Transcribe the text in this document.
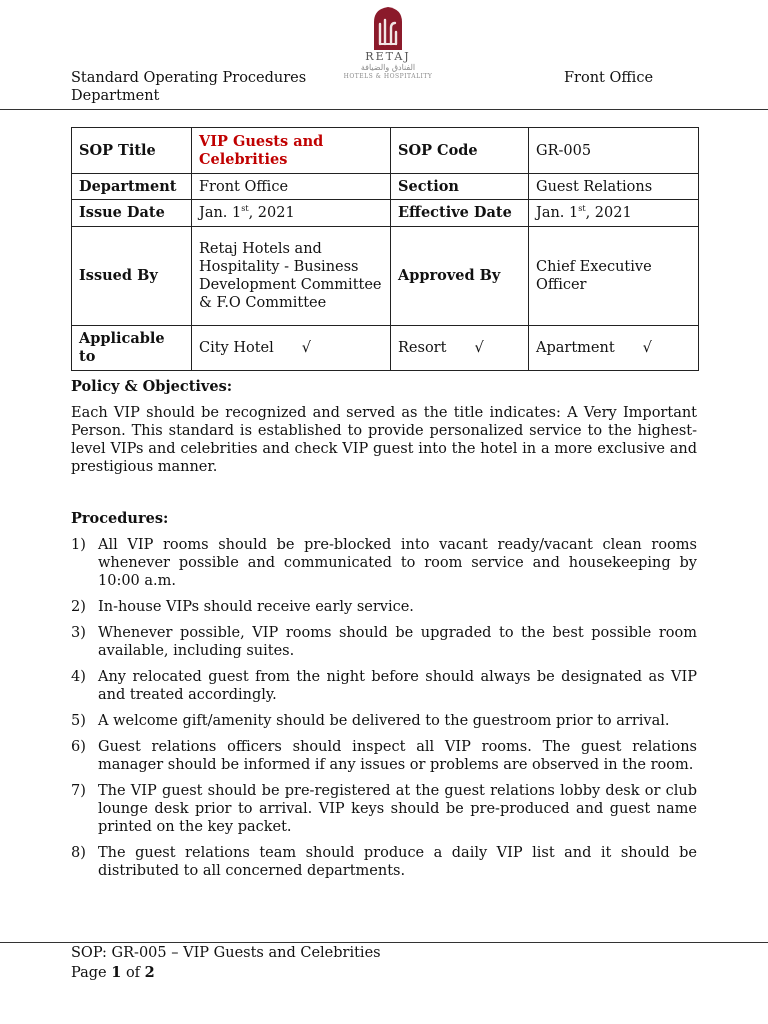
Standard Operating Procedures Department
RETAJ
الفنادق والضيافة
HOTELS & HOSPITALITY	Front Office
SOP Title	VIP Guests and Celebrities	SOP Code	GR-005
Department	Front Office	Section	Guest Relations
Issue Date	Jan. 1st, 2021	Effective Date	Jan. 1st, 2021
Issued By	Retaj Hotels and Hospitality - Business Development Committee & F.O Committee	Approved By	Chief Executive Officer
Applicable to	City Hotel √	Resort √	Apartment √
Policy & Objectives:
Each VIP should be recognized and served as the title indicates: A Very Important Person. This standard is established to provide personalized service to the highest-level VIPs and celebrities and check VIP guest into the hotel in a more exclusive and prestigious manner.
Procedures:
1) All VIP rooms should be pre-blocked into vacant ready/vacant clean rooms whenever possible and communicated to room service and housekeeping by 10:00 a.m.
2) In-house VIPs should receive early service.
3) Whenever possible, VIP rooms should be upgraded to the best possible room available, including suites.
4) Any relocated guest from the night before should always be designated as VIP and treated accordingly.
5) A welcome gift/amenity should be delivered to the guestroom prior to arrival.
6) Guest relations officers should inspect all VIP rooms. The guest relations manager should be informed if any issues or problems are observed in the room.
7) The VIP guest should be pre-registered at the guest relations lobby desk or club lounge desk prior to arrival. VIP keys should be pre-produced and guest name printed on the key packet.
8) The guest relations team should produce a daily VIP list and it should be distributed to all concerned departments.
SOP: GR-005 – VIP Guests and Celebrities
Page 1 of 2
